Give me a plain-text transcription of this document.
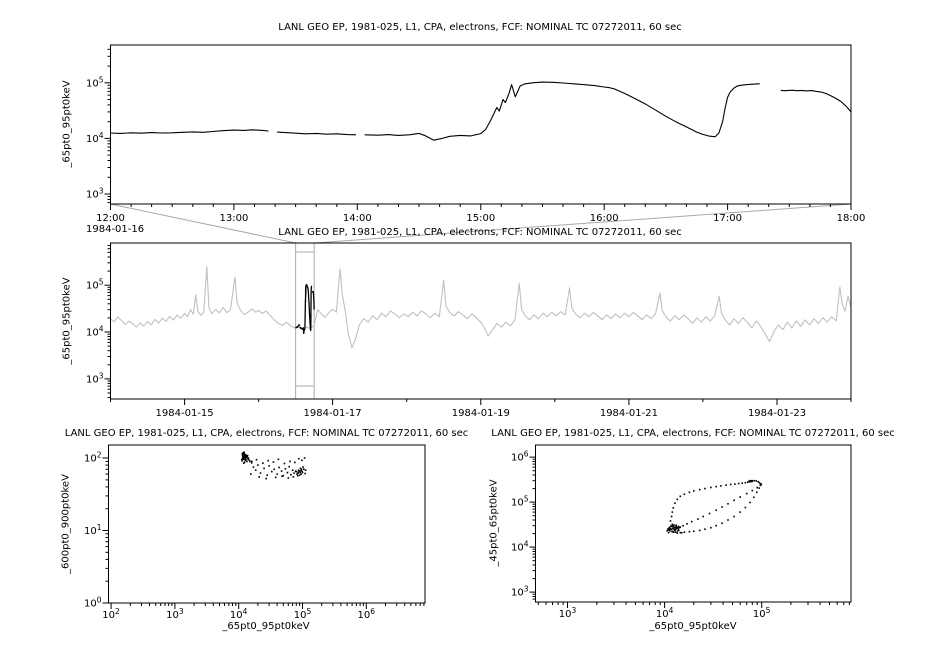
12:00	13:00	14:00	15:00	16:00	17:00	18:00
1984-01-15	1984-01-17	1984-01-19	1984-01-21	1984-01-23
$10^3$
$10^4$
$10^5$
$10^3$
$10^4$
$10^5$
$10^0$
$10^1$
$10^2$
$10^3$
$10^4$
$10^5$
$10^6$
$10^2$	$10^3$	$10^4$	$10^5$	$10^6$	$10^3$	$10^4$	$10^5$
LANL GEO EP, 1981-025, L1, CPA, electrons, FCF: NOMINAL TC 07272011, 60 sec
LANL GEO EP, 1981-025, L1, CPA, electrons, FCF: NOMINAL TC 07272011, 60 sec
LANL GEO EP, 1981-025, L1, CPA, electrons, FCF: NOMINAL TC 07272011, 60 sec	LANL GEO EP, 1981-025, L1, CPA, electrons, FCF: NOMINAL TC 07272011, 60 sec
_65pt0_95pt0keV
_65pt0_95pt0keV
_600pt0_900pt0keV	_45pt0_65pt0keV
_65pt0_95pt0keV	_65pt0_95pt0keV
1984-01-16
